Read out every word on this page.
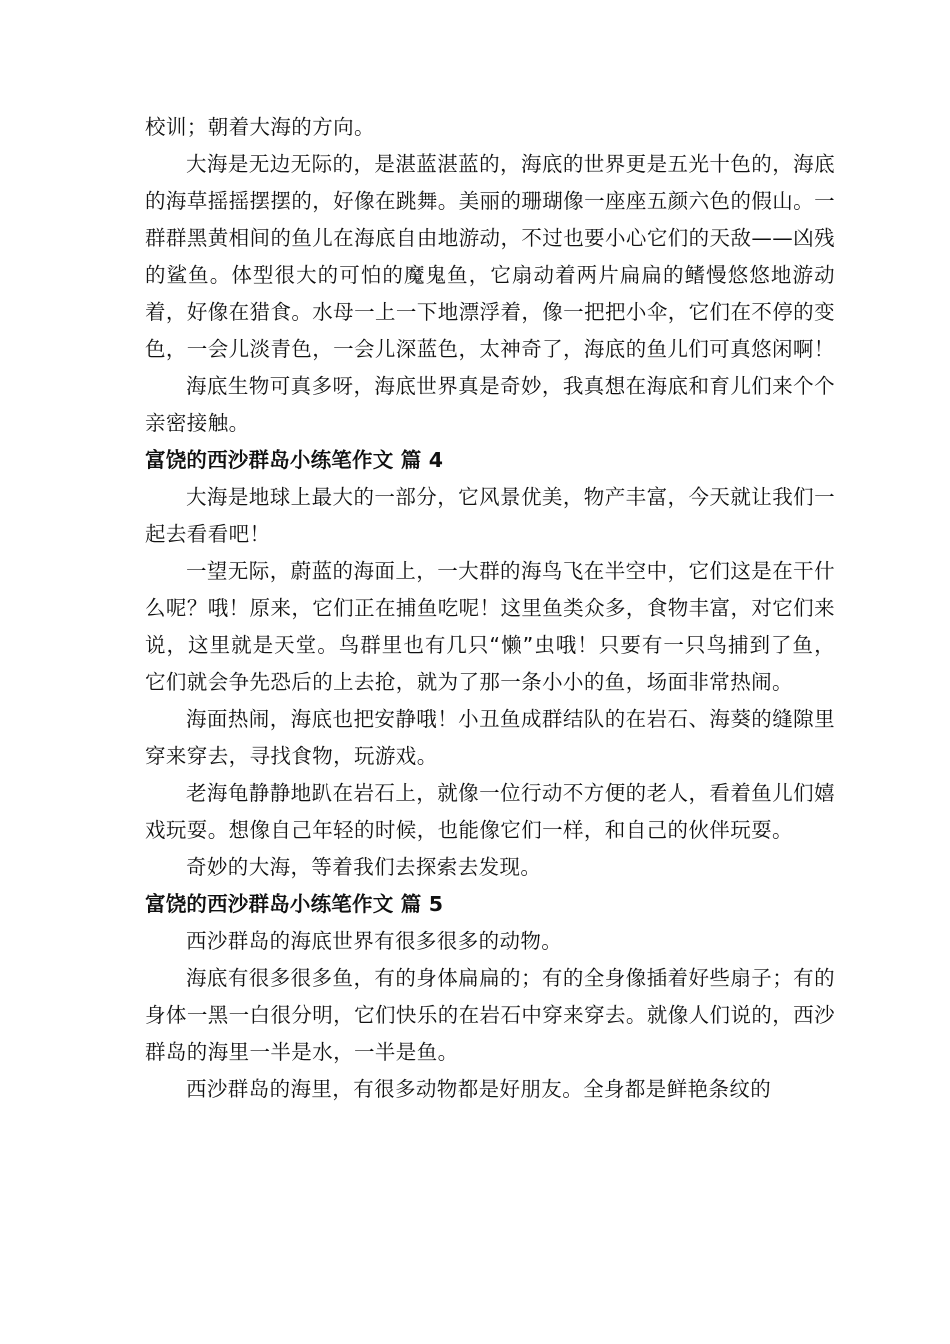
校训；朝着大海的方向。

大海是无边无际的，是湛蓝湛蓝的，海底的世界更是五光十色的，海底的海草摇摇摆摆的，好像在跳舞。美丽的珊瑚像一座座五颜六色的假山。一群群黑黄相间的鱼儿在海底自由地游动，不过也要小心它们的天敌——凶残的鲨鱼。体型很大的可怕的魔鬼鱼，它扇动着两片扁扁的鳍慢悠悠地游动着，好像在猎食。水母一上一下地漂浮着，像一把把小伞，它们在不停的变色，一会儿淡青色，一会儿深蓝色，太神奇了，海底的鱼儿们可真悠闲啊！

海底生物可真多呀，海底世界真是奇妙，我真想在海底和育儿们来个个亲密接触。

富饶的西沙群岛小练笔作文 篇 4

大海是地球上最大的一部分，它风景优美，物产丰富，今天就让我们一起去看看吧！

一望无际，蔚蓝的海面上，一大群的海鸟飞在半空中，它们这是在干什么呢？哦！原来，它们正在捕鱼吃呢！这里鱼类众多，食物丰富，对它们来说，这里就是天堂。鸟群里也有几只“懒”虫哦！只要有一只鸟捕到了鱼，它们就会争先恐后的上去抢，就为了那一条小小的鱼，场面非常热闹。

海面热闹，海底也把安静哦！小丑鱼成群结队的在岩石、海葵的缝隙里穿来穿去，寻找食物，玩游戏。

老海龟静静地趴在岩石上，就像一位行动不方便的老人，看着鱼儿们嬉戏玩耍。想像自己年轻的时候，也能像它们一样，和自己的伙伴玩耍。

奇妙的大海，等着我们去探索去发现。

富饶的西沙群岛小练笔作文 篇 5

西沙群岛的海底世界有很多很多的动物。

海底有很多很多鱼，有的身体扁扁的；有的全身像插着好些扇子；有的身体一黑一白很分明，它们快乐的在岩石中穿来穿去。就像人们说的，西沙群岛的海里一半是水，一半是鱼。

西沙群岛的海里，有很多动物都是好朋友。全身都是鲜艳条纹的
